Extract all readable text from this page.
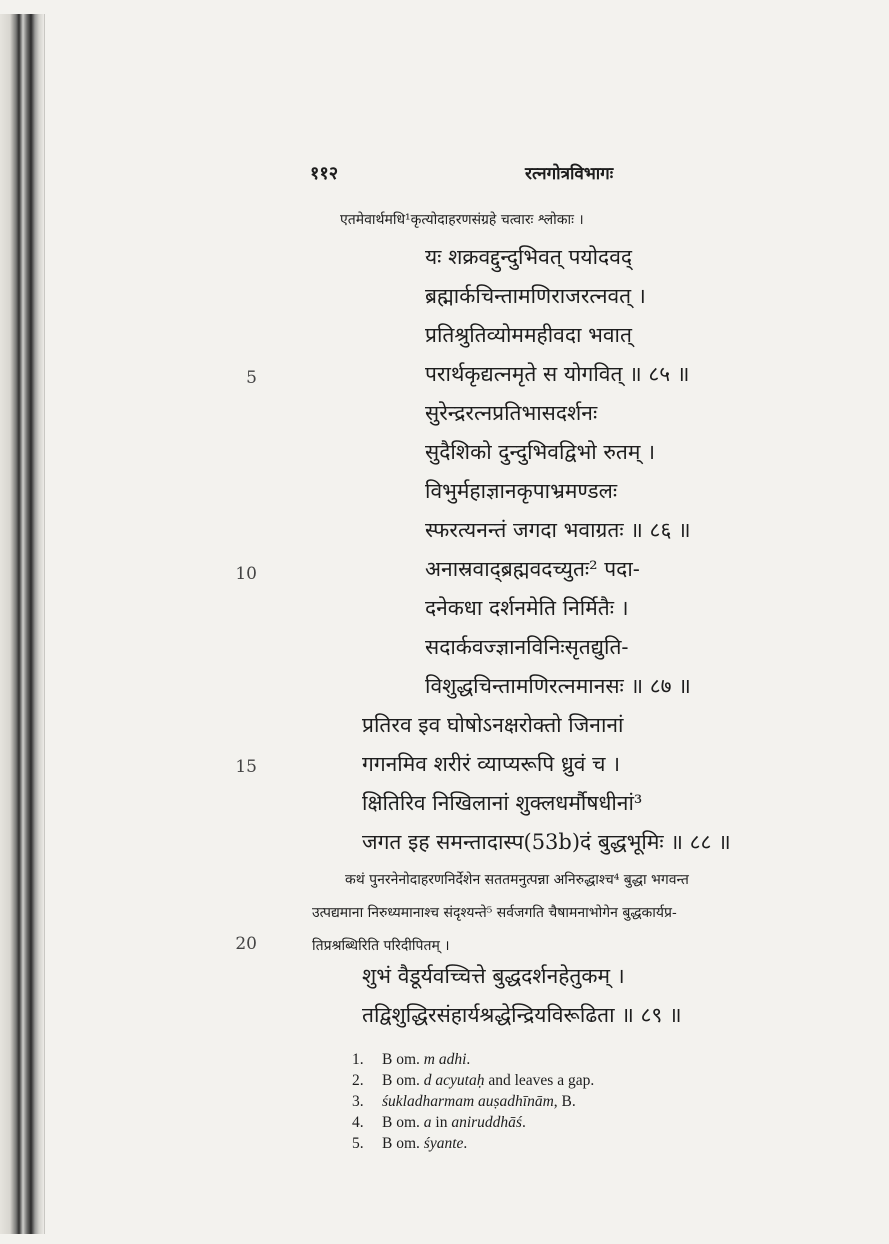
११२	रत्नगोत्रविभागः
5
10
15
20
एतमेवार्थमधि¹कृत्योदाहरणसंग्रहे चत्वारः श्लोकाः ।
यः शक्रवद्दुन्दुभिवत् पयोदवद्
ब्रह्मार्कचिन्तामणिराजरत्नवत् ।
प्रतिश्रुतिव्योममहीवदा भवात्
परार्थकृद्यत्नमृते स योगवित् ॥ ८५ ॥
सुरेन्द्ररत्नप्रतिभासदर्शनः
सुदैशिको दुन्दुभिवद्विभो रुतम् ।
विभुर्महाज्ञानकृपाभ्रमण्डलः
स्फरत्यनन्तं जगदा भवाग्रतः ॥ ८६ ॥
अनास्रवाद्ब्रह्मवदच्युतः² पदा-
दनेकधा दर्शनमेति निर्मितैः ।
सदार्कवज्ज्ञानविनिःसृतद्युति-
विशुद्धचिन्तामणिरत्नमानसः ॥ ८७ ॥
प्रतिरव इव घोषोऽनक्षरोक्तो जिनानां
गगनमिव शरीरं व्याप्यरूपि ध्रुवं च ।
क्षितिरिव निखिलानां शुक्लधर्मौषधीनां³
जगत इह समन्तादास्प(53b)दं बुद्धभूमिः ॥ ८८ ॥
कथं पुनरनेनोदाहरणनिर्देशेन सततमनुत्पन्ना अनिरुद्धाश्च⁴ बुद्धा भगवन्त
उत्पद्यमाना निरुध्यमानाश्च संदृश्यन्ते⁵ सर्वजगति चैषामनाभोगेन बुद्धकार्यप्र-
तिप्रश्रब्धिरिति परिदीपितम् ।
शुभं वैडूर्यवच्चित्ते बुद्धदर्शनहेतुकम् ।
तद्विशुद्धिरसंहार्यश्रद्धेन्द्रियविरूढिता ॥ ८९ ॥
1. B om. m adhi.
2. B om. d acyutaḥ and leaves a gap.
3. śukladharmam auṣadhīnām, B.
4. B om. a in aniruddhāś.
5. B om. śyante.
